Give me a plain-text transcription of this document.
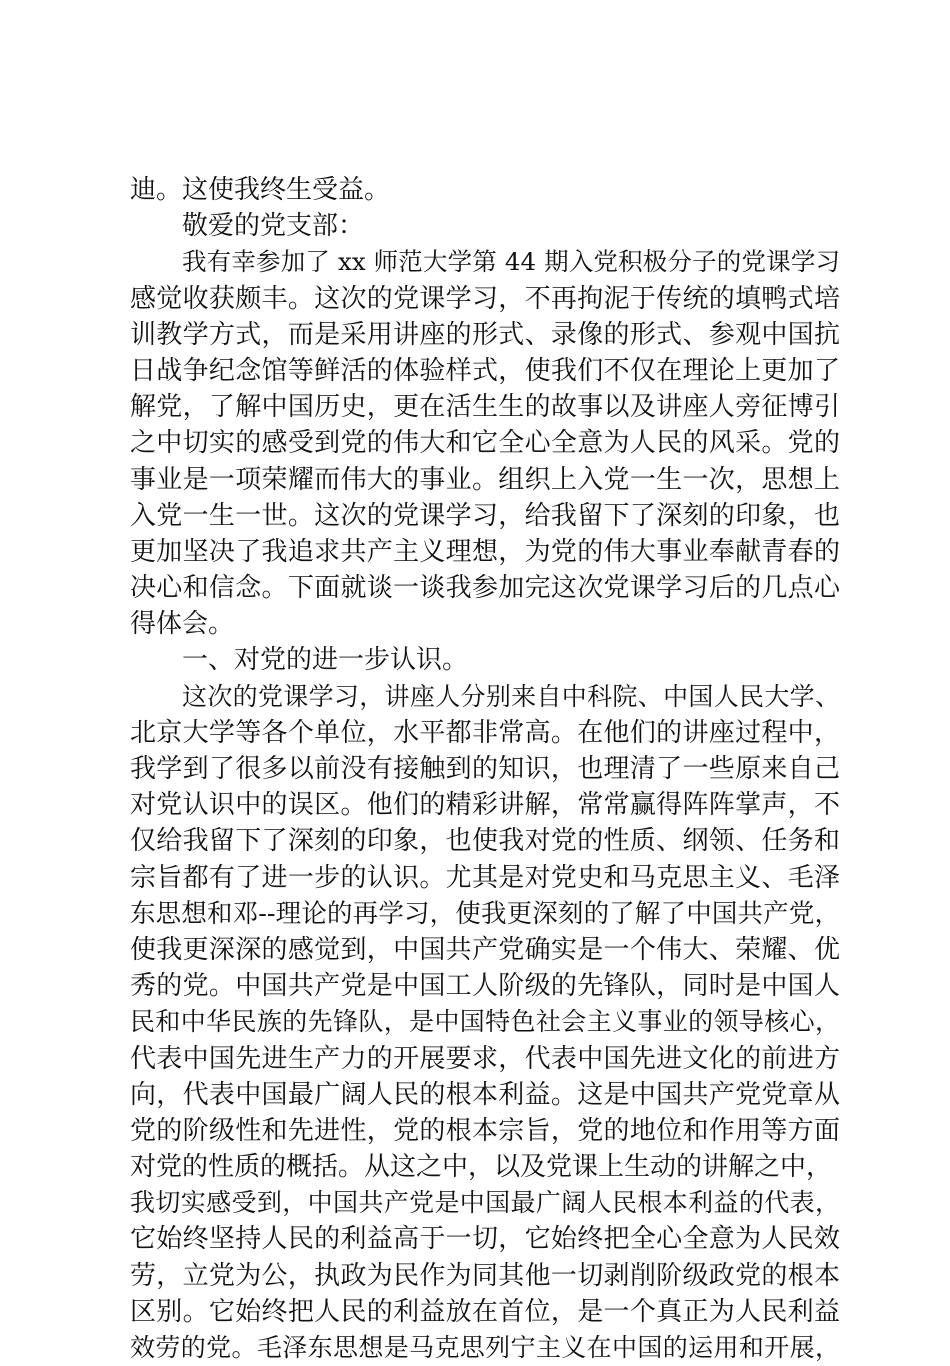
迪。这使我终生受益。
敬爱的党支部：
我有幸参加了 xx 师范大学第 44 期入党积极分子的党课学习
感觉收获颇丰。这次的党课学习，不再拘泥于传统的填鸭式培
训教学方式，而是采用讲座的形式、录像的形式、参观中国抗
日战争纪念馆等鲜活的体验样式，使我们不仅在理论上更加了
解党，了解中国历史，更在活生生的故事以及讲座人旁征博引
之中切实的感受到党的伟大和它全心全意为人民的风采。党的
事业是一项荣耀而伟大的事业。组织上入党一生一次，思想上
入党一生一世。这次的党课学习，给我留下了深刻的印象，也
更加坚决了我追求共产主义理想，为党的伟大事业奉献青春的
决心和信念。下面就谈一谈我参加完这次党课学习后的几点心
得体会。
一、对党的进一步认识。
这次的党课学习，讲座人分别来自中科院、中国人民大学、
北京大学等各个单位，水平都非常高。在他们的讲座过程中，
我学到了很多以前没有接触到的知识，也理清了一些原来自己
对党认识中的误区。他们的精彩讲解，常常赢得阵阵掌声，不
仅给我留下了深刻的印象，也使我对党的性质、纲领、任务和
宗旨都有了进一步的认识。尤其是对党史和马克思主义、毛泽
东思想和邓--理论的再学习，使我更深刻的了解了中国共产党，
使我更深深的感觉到，中国共产党确实是一个伟大、荣耀、优
秀的党。中国共产党是中国工人阶级的先锋队，同时是中国人
民和中华民族的先锋队，是中国特色社会主义事业的领导核心，
代表中国先进生产力的开展要求，代表中国先进文化的前进方
向，代表中国最广阔人民的根本利益。这是中国共产党党章从
党的阶级性和先进性，党的根本宗旨，党的地位和作用等方面
对党的性质的概括。从这之中，以及党课上生动的讲解之中，
我切实感受到，中国共产党是中国最广阔人民根本利益的代表，
它始终坚持人民的利益高于一切，它始终把全心全意为人民效
劳，立党为公，执政为民作为同其他一切剥削阶级政党的根本
区别。它始终把人民的利益放在首位，是一个真正为人民利益
效劳的党。毛泽东思想是马克思列宁主义在中国的运用和开展，
